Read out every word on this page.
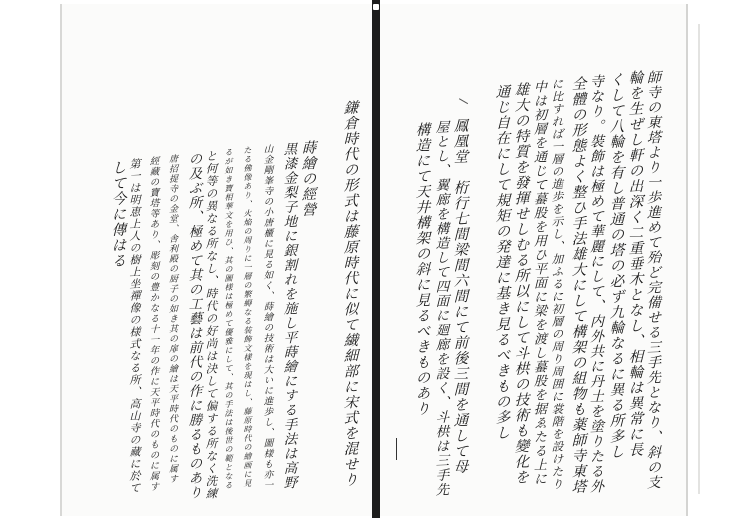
師寺の東塔より一歩進めて殆ど完備せる三手先となり、斜の支
輪を生ぜし軒の出深く二重垂木となし、相輪は異常に長
くして八輪を有し普通の塔の必ず九輪なるに異る所多し
寺なり。裝飾は極めて華麗にして、内外共に丹土を塗りたる外
全體の形態よく整ひ手法雄大にして構架の組物も薬師寺東塔
に比すれば一層の進歩を示し、加ふるに初層の周り周囲に裳階を設けたり
中は初層を通じて蟇股を用ひ平面に梁を渡し蟇股を据ゑたる上に
雄大の特質を發揮せしむる所以にして斗栱の技術も變化を
通じ自在にして規矩の発達に基き見るべきもの多し
鳳凰堂　桁行七間梁間六間にて前後三間を通して母
屋とし、翼廊を構造して四面に廻廊を設く、斗栱は三手先
構造にて天井構架の斜に見るべきものあり
鎌倉時代の形式は藤原時代に似て繊細部に宋式を混せり
蒔繪の經營
黒漆金梨子地に銀割れを施し平蒔繪にする手法は高野
山金剛峯寺の小唐櫃に見る如く、蒔繪の技術は大いに進歩し、圖様も亦一
たる佛像あり、火焔の周りに一層の繁縟なる装飾文樣を現はし、藤原時代の繪画に見
るが如き寶相華文を用ひ、其の圖様は極めて優雅にして、其の手法は後世の範となる
と何等の異なる所なし、時代の好尚は決して偏する所なく洗練
の及ぶ所、極めて其の工藝は前代の作に勝るものあり
唐招提寺の金堂、舎利殿の厨子の如き其の扉の繪は天平時代のものに属す
經藏の寶塔等あり、彫刻の豊かなる十一年の作に天平時代のものに属す
第一は明恵上人の樹上坐禪像の様式なる所、高山寺の藏に於て
して今に傳はる
